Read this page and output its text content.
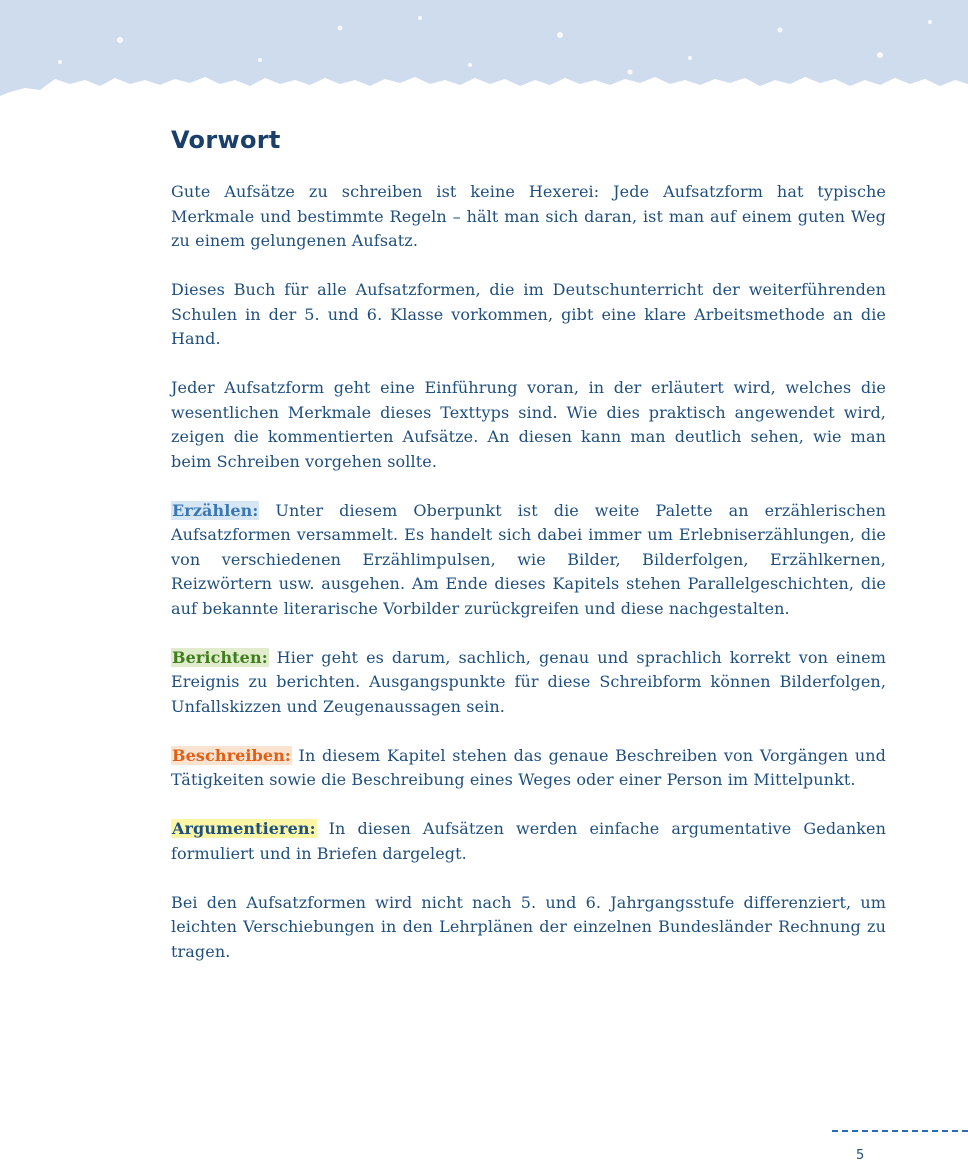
Vorwort

Gute Aufsätze zu schreiben ist keine Hexerei: Jede Aufsatzform hat typische Merkmale und bestimmte Regeln – hält man sich daran, ist man auf einem guten Weg zu einem gelungenen Aufsatz.

Dieses Buch für alle Aufsatzformen, die im Deutschunterricht der weiterführenden Schulen in der 5. und 6. Klasse vorkommen, gibt eine klare Arbeitsmethode an die Hand.

Jeder Aufsatzform geht eine Einführung voran, in der erläutert wird, welches die wesentlichen Merkmale dieses Texttyps sind. Wie dies praktisch angewendet wird, zeigen die kommentierten Aufsätze. An diesen kann man deutlich sehen, wie man beim Schreiben vorgehen sollte.

Erzählen: Unter diesem Oberpunkt ist die weite Palette an erzählerischen Aufsatzformen versammelt. Es handelt sich dabei immer um Erlebniserzählungen, die von verschiedenen Erzählimpulsen, wie Bilder, Bilderfolgen, Erzählkernen, Reizwörtern usw. ausgehen. Am Ende dieses Kapitels stehen Parallelgeschichten, die auf bekannte literarische Vorbilder zurückgreifen und diese nachgestalten.

Berichten: Hier geht es darum, sachlich, genau und sprachlich korrekt von einem Ereignis zu berichten. Ausgangspunkte für diese Schreibform können Bilderfolgen, Unfallskizzen und Zeugenaussagen sein.

Beschreiben: In diesem Kapitel stehen das genaue Beschreiben von Vorgängen und Tätigkeiten sowie die Beschreibung eines Weges oder einer Person im Mittelpunkt.

Argumentieren: In diesen Aufsätzen werden einfache argumentative Gedanken formuliert und in Briefen dargelegt.

Bei den Aufsatzformen wird nicht nach 5. und 6. Jahrgangsstufe differenziert, um leichten Verschiebungen in den Lehrplänen der einzelnen Bundesländer Rechnung zu tragen.

5
